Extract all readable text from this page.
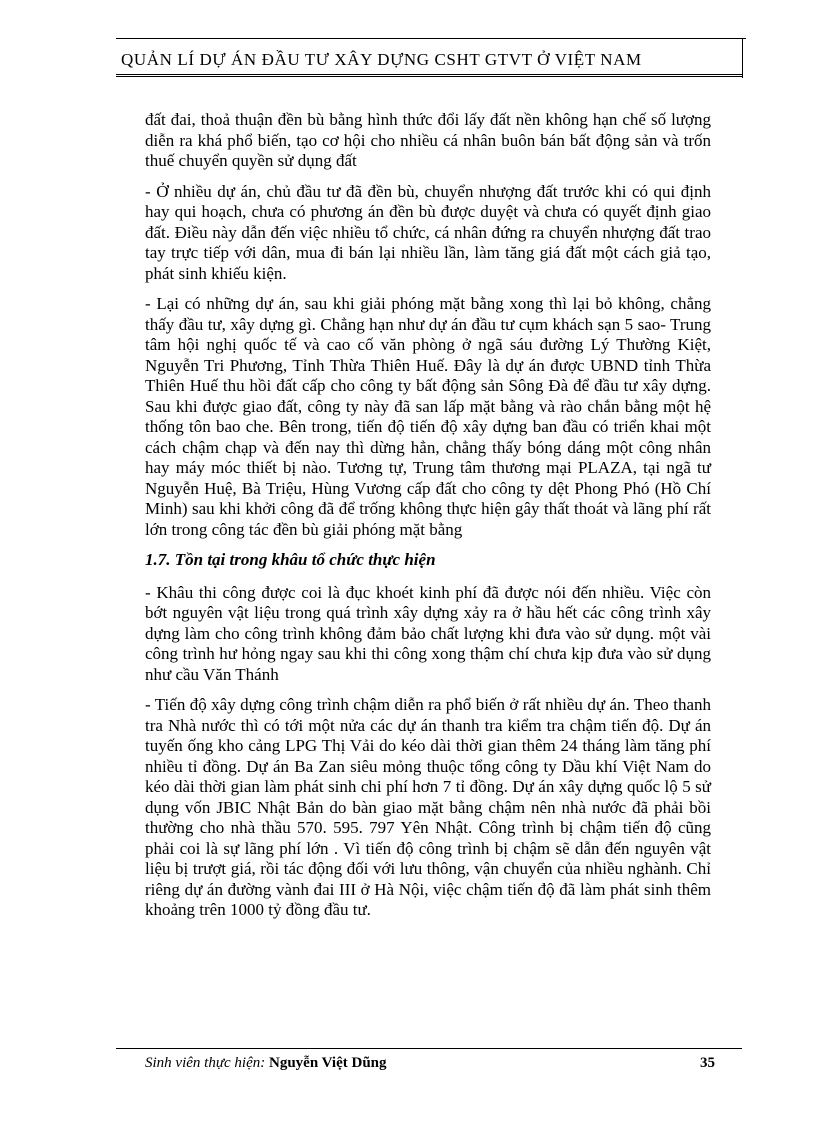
QUẢN LÍ DỰ ÁN ĐẦU TƯ XÂY DỰNG CSHT GTVT Ở VIỆT NAM

đất đai, thoả thuận đền bù bằng hình thức đổi lấy đất nền không hạn chế số lượng diễn ra khá phổ biến, tạo cơ hội cho nhiều cá nhân buôn bán bất động sản và trốn thuế chuyển quyền sử dụng đất

- Ở nhiều dự án, chủ đầu tư đã đền bù, chuyển nhượng đất trước khi có qui định hay qui hoạch, chưa có phương án đền bù được duyệt và chưa có quyết định giao đất. Điều này dẫn đến việc nhiều tổ chức, cá nhân đứng ra chuyển nhượng đất trao tay trực tiếp với dân, mua đi bán lại nhiều lần, làm tăng giá đất một cách giả tạo, phát sinh khiếu kiện.

- Lại có những dự án, sau khi giải phóng mặt bằng xong thì lại bỏ không, chẳng thấy đầu tư, xây dựng gì. Chẳng hạn như dự án đầu tư cụm khách sạn 5 sao- Trung tâm hội nghị quốc tế và cao cố văn phòng ở ngã sáu đường Lý Thường Kiệt, Nguyễn Tri Phương, Tỉnh Thừa Thiên Huế. Đây là dự án được UBND tỉnh Thừa Thiên Huế thu hồi đất cấp cho công ty bất động sản Sông Đà để đầu tư xây dựng. Sau khi được giao đất, công ty này đã san lấp mặt bằng và rào chắn bằng một hệ thống tôn bao che. Bên trong, tiến độ tiến độ xây dựng ban đầu có triển khai một cách chậm chạp và đến nay thì dừng hẳn, chẳng thấy bóng dáng một công nhân hay máy móc thiết bị nào. Tương tự, Trung tâm thương mại PLAZA, tại ngã tư Nguyễn Huệ, Bà Triệu, Hùng Vương cấp đất cho công ty dệt Phong Phó (Hồ Chí Minh) sau khi khởi công đã để trống không thực hiện gây thất thoát và lãng phí rất lớn trong công tác đền bù giải phóng mặt bằng

1.7. Tồn tại trong khâu tổ chức thực hiện

- Khâu thi công được coi là đục khoét kinh phí đã được nói đến nhiều. Việc còn bớt nguyên vật liệu trong quá trình xây dựng xảy ra ở hầu hết các công trình xây dựng làm cho công trình không đảm bảo chất lượng khi đưa vào sử dụng. một vài công trình hư hỏng ngay sau khi thi công xong thậm chí chưa kịp đưa vào sử dụng như cầu Văn Thánh

- Tiến độ xây dựng công trình chậm diễn ra phổ biến ở rất nhiều dự án. Theo thanh tra Nhà nước thì có tới một nửa các dự án thanh tra kiểm tra chậm tiến độ. Dự án tuyến ống kho cảng LPG Thị Vải do kéo dài thời gian thêm 24 tháng làm tăng phí nhiều tỉ đồng. Dự án Ba Zan siêu mỏng thuộc tổng công ty Dầu khí Việt Nam do kéo dài thời gian làm phát sinh chi phí hơn 7 tỉ đồng. Dự án xây dựng quốc lộ 5 sử dụng vốn JBIC Nhật Bản do bàn giao mặt bằng chậm nên nhà nước đã phải bồi thường cho nhà thầu 570. 595. 797 Yên Nhật. Công trình bị chậm tiến độ cũng phải coi là sự lãng phí lớn . Vì tiến độ công trình bị chậm sẽ dẫn đến nguyên vật liệu bị trượt giá, rồi tác động đối với lưu thông, vận chuyển của nhiều nghành. Chỉ riêng dự án đường vành đai III ở Hà Nội, việc chậm tiến độ đã làm phát sinh thêm khoảng trên 1000 tỷ đồng đầu tư.

Sinh viên thực hiện: Nguyễn Việt Dũng	35
